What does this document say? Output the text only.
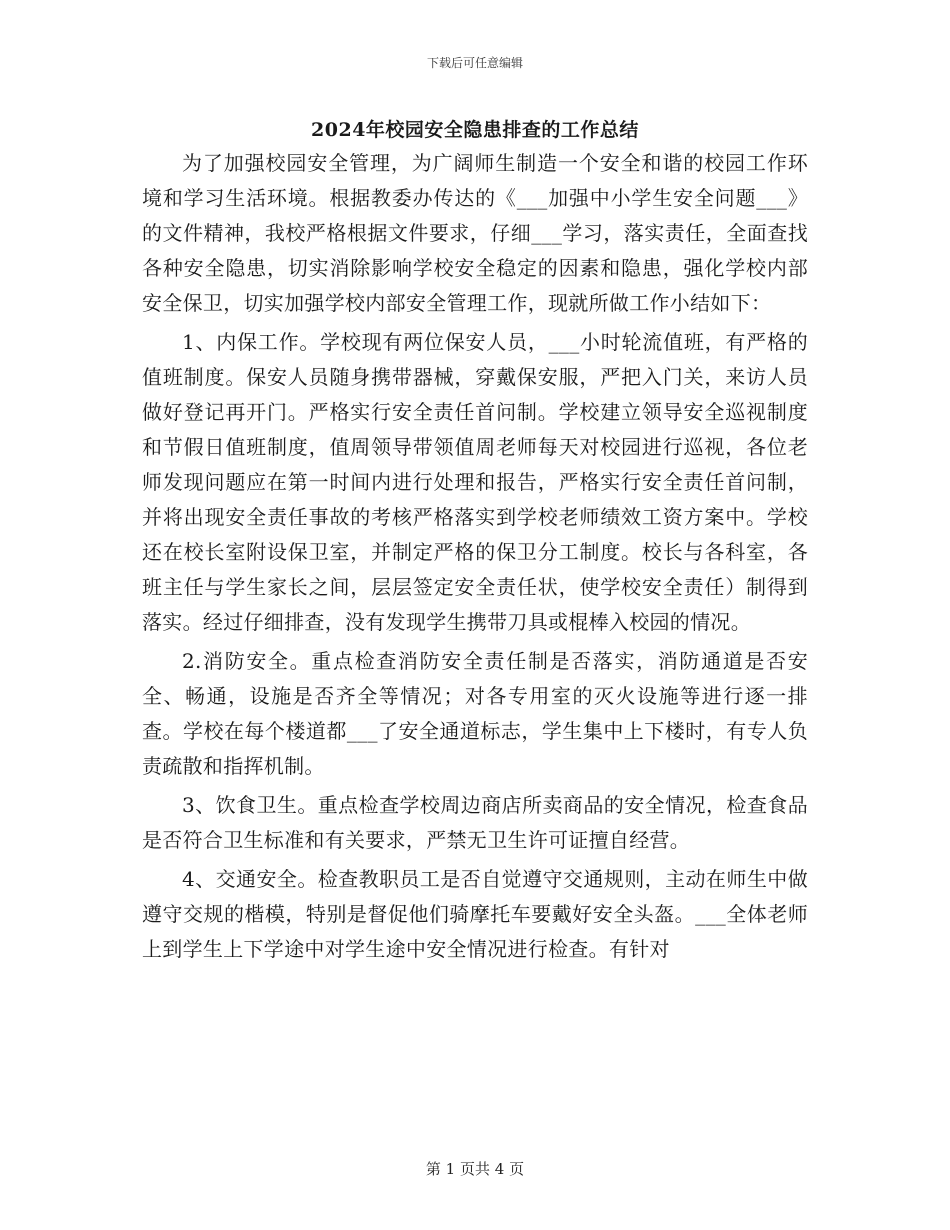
下载后可任意编辑
2024年校园安全隐患排查的工作总结

为了加强校园安全管理，为广阔师生制造一个安全和谐的校园工作环境和学习生活环境。根据教委办传达的《___加强中小学生安全问题___》的文件精神，我校严格根据文件要求，仔细___学习，落实责任，全面查找各种安全隐患，切实消除影响学校安全稳定的因素和隐患，强化学校内部安全保卫，切实加强学校内部安全管理工作，现就所做工作小结如下：

1、内保工作。学校现有两位保安人员，___小时轮流值班，有严格的值班制度。保安人员随身携带器械，穿戴保安服，严把入门关，来访人员做好登记再开门。严格实行安全责任首问制。学校建立领导安全巡视制度和节假日值班制度，值周领导带领值周老师每天对校园进行巡视，各位老师发现问题应在第一时间内进行处理和报告，严格实行安全责任首问制，并将出现安全责任事故的考核严格落实到学校老师绩效工资方案中。学校还在校长室附设保卫室，并制定严格的保卫分工制度。校长与各科室，各班主任与学生家长之间，层层签定安全责任状，使学校安全责任）制得到落实。经过仔细排查，没有发现学生携带刀具或棍棒入校园的情况。

2.消防安全。重点检查消防安全责任制是否落实，消防通道是否安全、畅通，设施是否齐全等情况；对各专用室的灭火设施等进行逐一排查。学校在每个楼道都___了安全通道标志，学生集中上下楼时，有专人负责疏散和指挥机制。

3、饮食卫生。重点检查学校周边商店所卖商品的安全情况，检查食品是否符合卫生标准和有关要求，严禁无卫生许可证擅自经营。

4、交通安全。检查教职员工是否自觉遵守交通规则，主动在师生中做遵守交规的楷模，特别是督促他们骑摩托车要戴好安全头盔。___全体老师上到学生上下学途中对学生途中安全情况进行检查。有针对

第 1 页共 4 页
